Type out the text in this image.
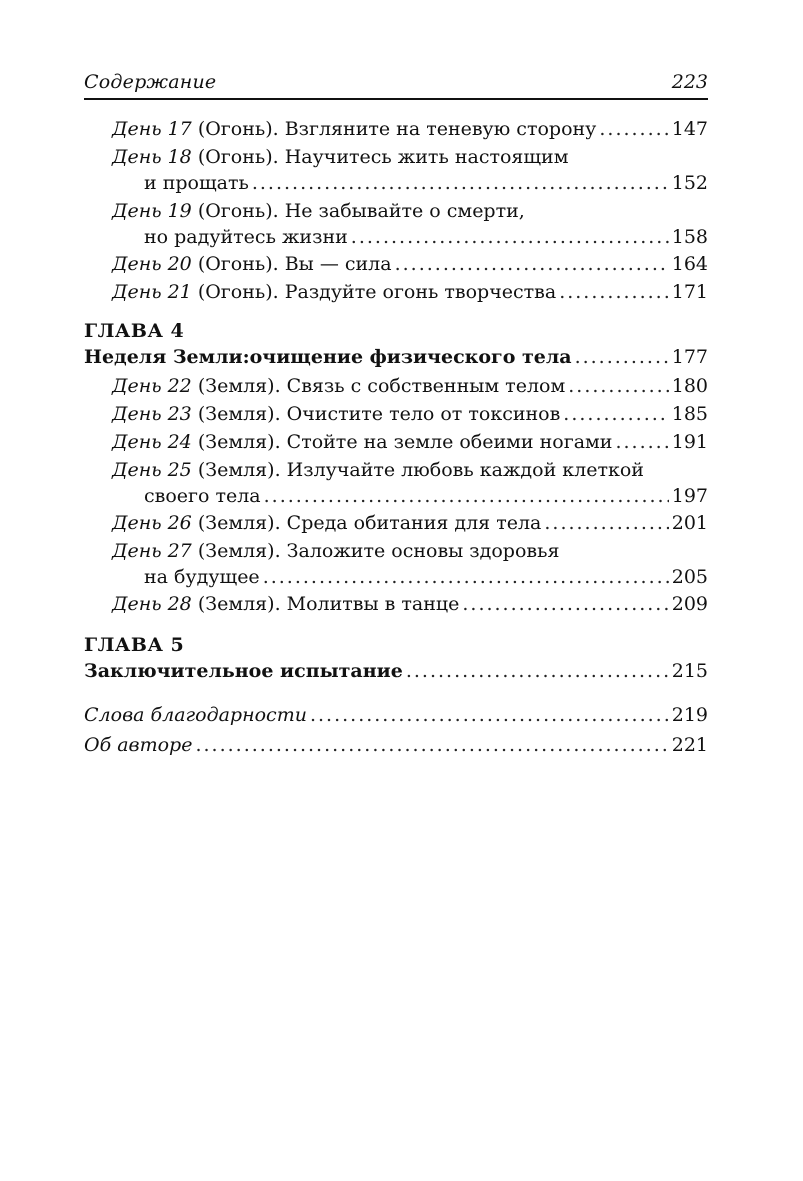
Содержание	223
День 17 (Огонь). Взгляните на теневую сторону .....	147
День 18 (Огонь). Научитесь жить настоящим
и прощать .....	152
День 19 (Огонь). Не забывайте о смерти,
но радуйтесь жизни .....	158
День 20 (Огонь). Вы — сила .....	164
День 21 (Огонь). Раздуйте огонь творчества .....	171
ГЛАВА 4
Неделя Земли:очищение физического тела .....	177
День 22 (Земля). Связь с собственным телом .....	180
День 23 (Земля). Очистите тело от токсинов .....	185
День 24 (Земля). Стойте на земле обеими ногами .....	191
День 25 (Земля). Излучайте любовь каждой клеткой
своего тела .....	197
День 26 (Земля). Среда обитания для тела .....	201
День 27 (Земля). Заложите основы здоровья
на будущее .....	205
День 28 (Земля). Молитвы в танце .....	209
ГЛАВА 5
Заключительное испытание .....	215
Слова благодарности .....	219
Об авторе .....	221
